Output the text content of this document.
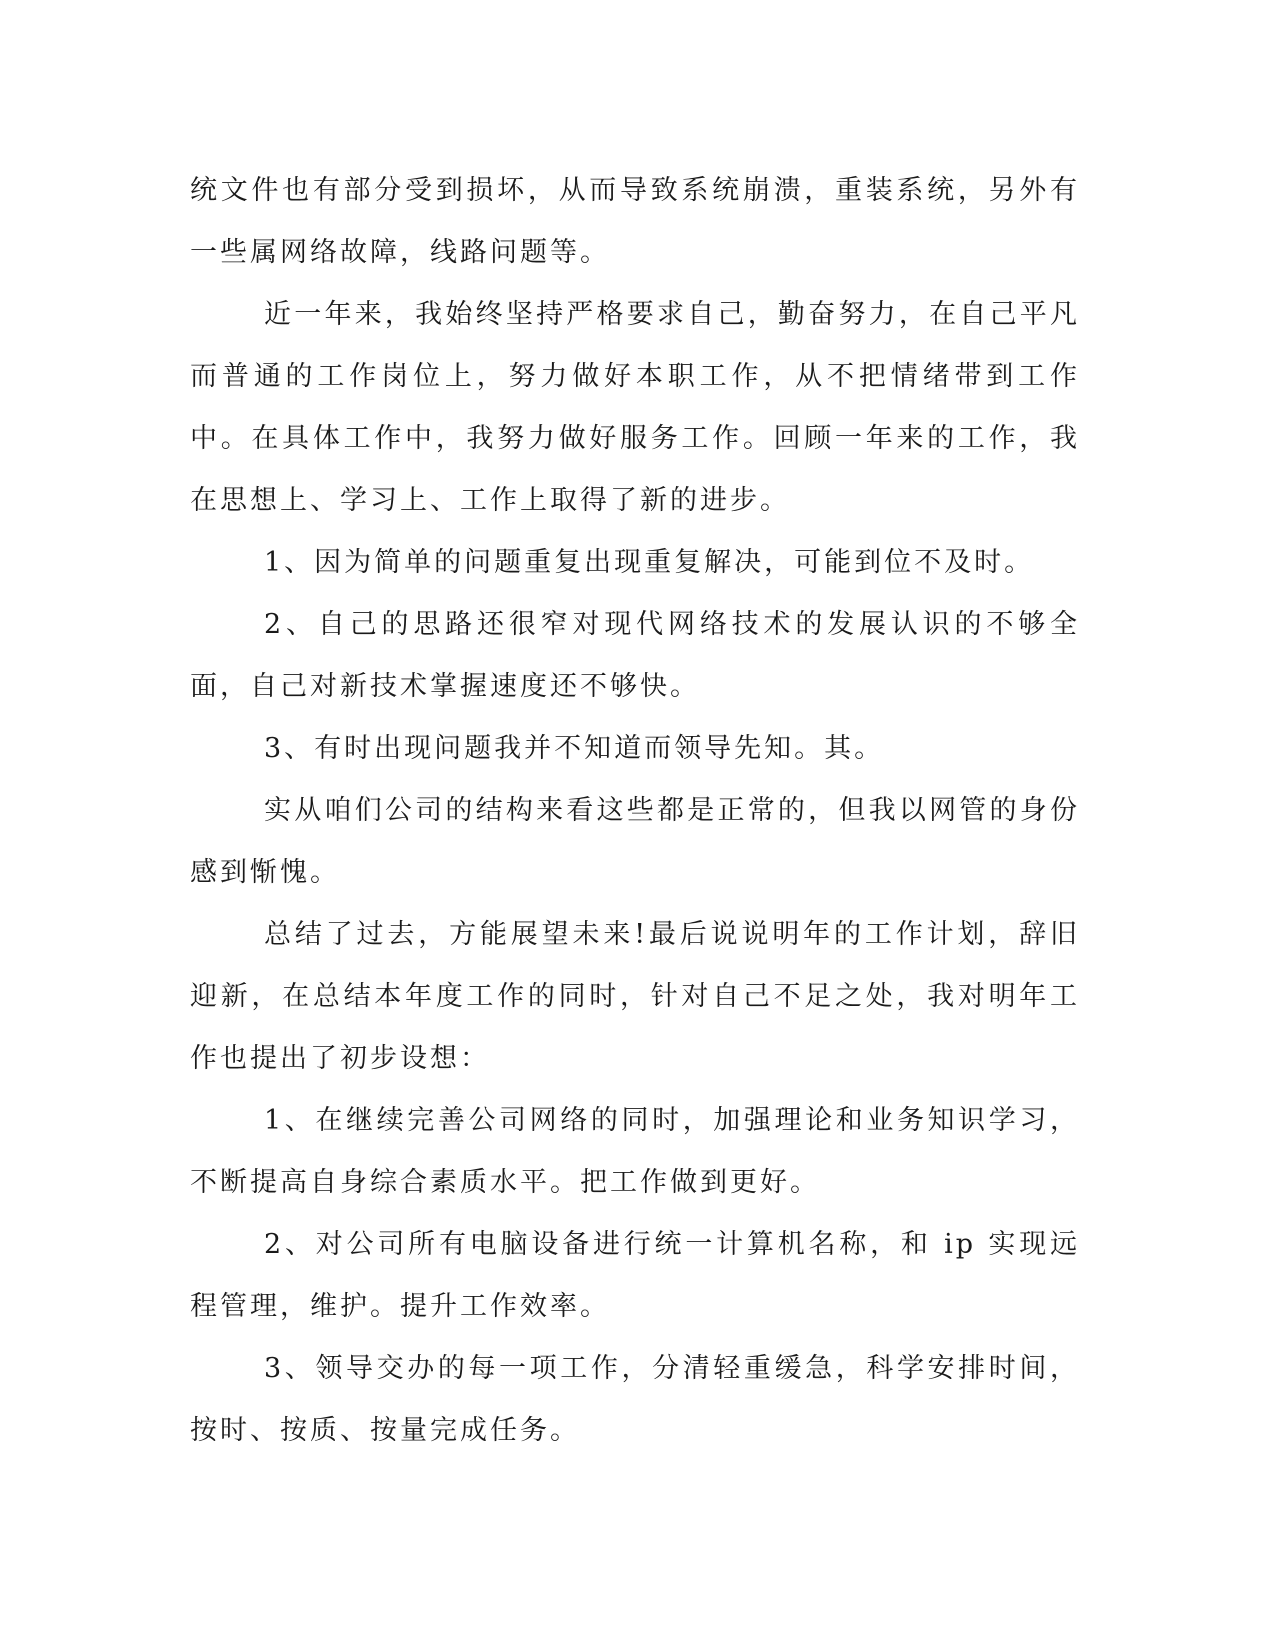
统文件也有部分受到损坏，从而导致系统崩溃，重装系统，另外有一些属网络故障，线路问题等。

近一年来，我始终坚持严格要求自己，勤奋努力，在自己平凡而普通的工作岗位上，努力做好本职工作，从不把情绪带到工作中。在具体工作中，我努力做好服务工作。回顾一年来的工作，我在思想上、学习上、工作上取得了新的进步。

1、因为简单的问题重复出现重复解决，可能到位不及时。

2、自己的思路还很窄对现代网络技术的发展认识的不够全面，自己对新技术掌握速度还不够快。

3、有时出现问题我并不知道而领导先知。其。

实从咱们公司的结构来看这些都是正常的，但我以网管的身份感到惭愧。

总结了过去，方能展望未来!最后说说明年的工作计划，辞旧迎新，在总结本年度工作的同时，针对自己不足之处，我对明年工作也提出了初步设想：

1、在继续完善公司网络的同时，加强理论和业务知识学习，不断提高自身综合素质水平。把工作做到更好。

2、对公司所有电脑设备进行统一计算机名称，和 ip 实现远程管理，维护。提升工作效率。

3、领导交办的每一项工作，分清轻重缓急，科学安排时间，按时、按质、按量完成任务。
